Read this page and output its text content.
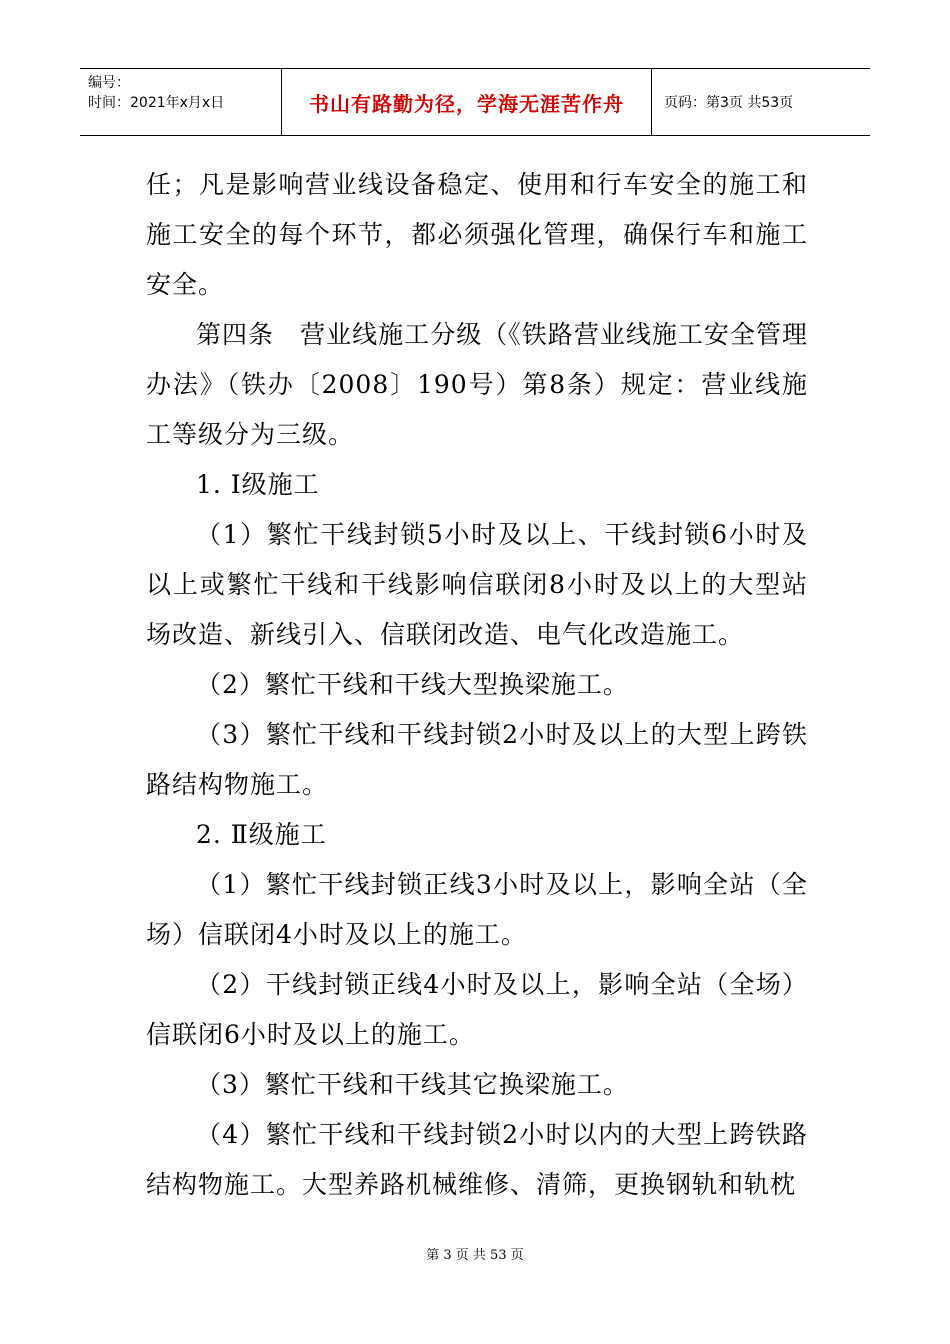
编号：
时间：2021年x月x日	书山有路勤为径，学海无涯苦作舟	页码：第3页 共53页

任；凡是影响营业线设备稳定、使用和行车安全的施工和施工安全的每个环节，都必须强化管理，确保行车和施工安全。

第四条　营业线施工分级（《铁路营业线施工安全管理办法》（铁办〔2008〕190号）第8条）规定：营业线施工等级分为三级。

1. Ⅰ级施工

（1）繁忙干线封锁5小时及以上、干线封锁6小时及以上或繁忙干线和干线影响信联闭8小时及以上的大型站场改造、新线引入、信联闭改造、电气化改造施工。

（2）繁忙干线和干线大型换梁施工。

（3）繁忙干线和干线封锁2小时及以上的大型上跨铁路结构物施工。

2. Ⅱ级施工

（1）繁忙干线封锁正线3小时及以上，影响全站（全场）信联闭4小时及以上的施工。

（2）干线封锁正线4小时及以上，影响全站（全场）信联闭6小时及以上的施工。

（3）繁忙干线和干线其它换梁施工。

（4）繁忙干线和干线封锁2小时以内的大型上跨铁路结构物施工。大型养路机械维修、清筛，更换钢轨和轨枕

第 3 页 共 53 页
